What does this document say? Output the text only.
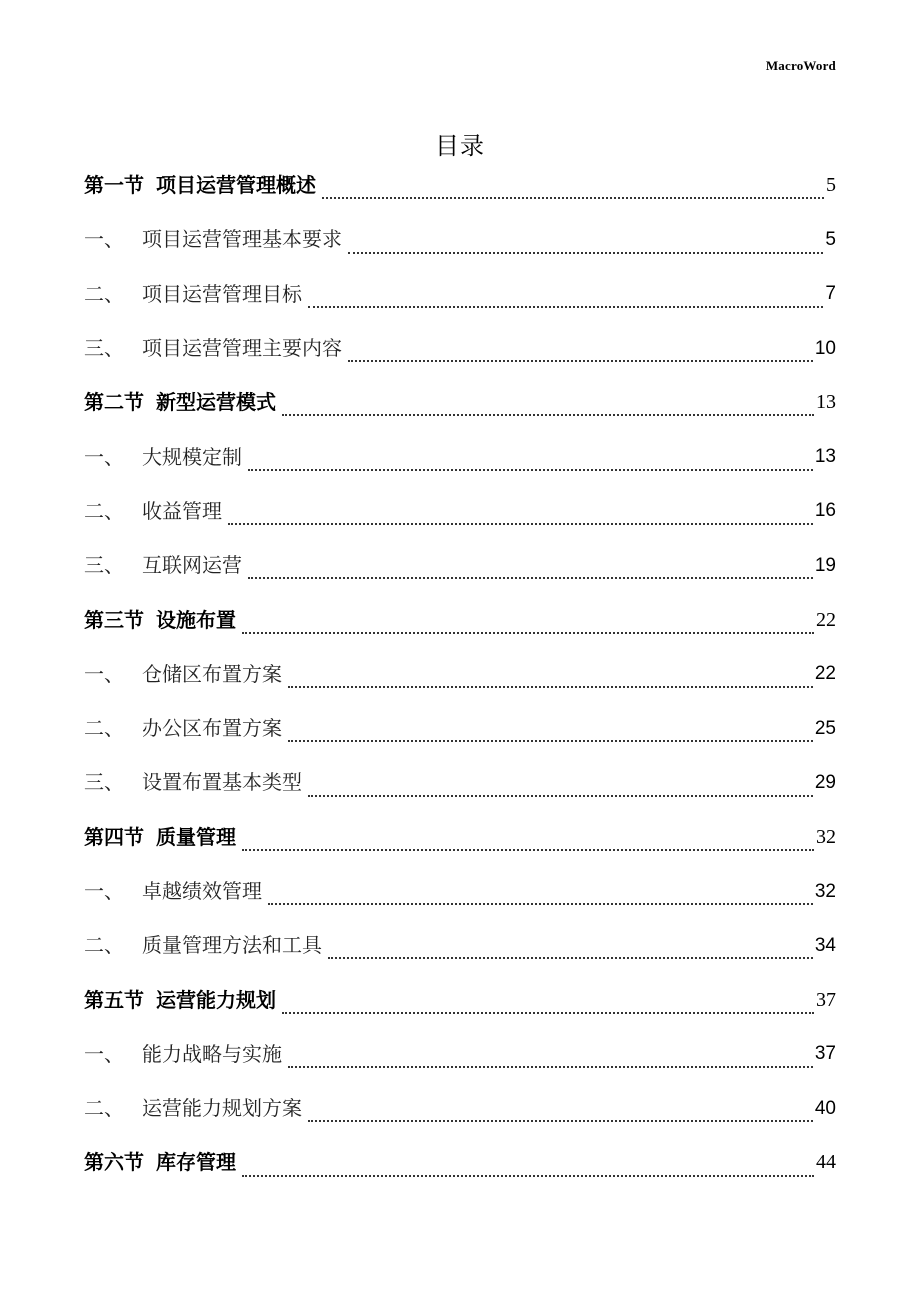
MacroWord
目录
第一节 项目运营管理概述	5
一、 项目运营管理基本要求	5
二、 项目运营管理目标	7
三、 项目运营管理主要内容	10
第二节 新型运营模式	13
一、 大规模定制	13
二、 收益管理	16
三、 互联网运营	19
第三节 设施布置	22
一、 仓储区布置方案	22
二、 办公区布置方案	25
三、 设置布置基本类型	29
第四节 质量管理	32
一、 卓越绩效管理	32
二、 质量管理方法和工具	34
第五节 运营能力规划	37
一、 能力战略与实施	37
二、 运营能力规划方案	40
第六节 库存管理	44
